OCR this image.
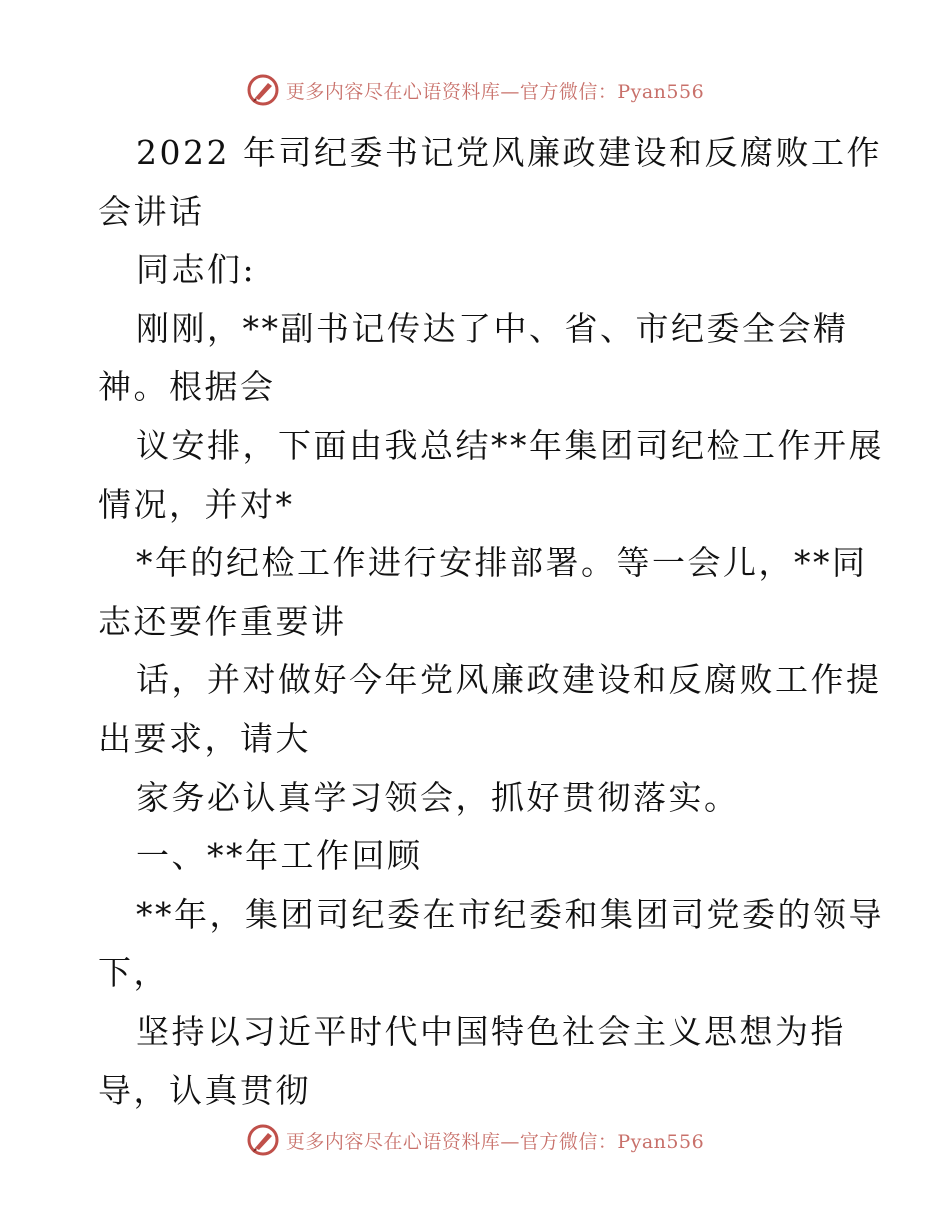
更多内容尽在心语资料库—官方微信：Pyan556
2022 年司纪委书记党风廉政建设和反腐败工作
会讲话
同志们:
刚刚，**副书记传达了中、省、市纪委全会精
神。根据会
议安排，下面由我总结**年集团司纪检工作开展
情况，并对*
*年的纪检工作进行安排部署。等一会儿，**同
志还要作重要讲
话，并对做好今年党风廉政建设和反腐败工作提
出要求，请大
家务必认真学习领会，抓好贯彻落实。
一、**年工作回顾
**年，集团司纪委在市纪委和集团司党委的领导
下，
坚持以习近平时代中国特色社会主义思想为指
导，认真贯彻
更多内容尽在心语资料库—官方微信：Pyan556
